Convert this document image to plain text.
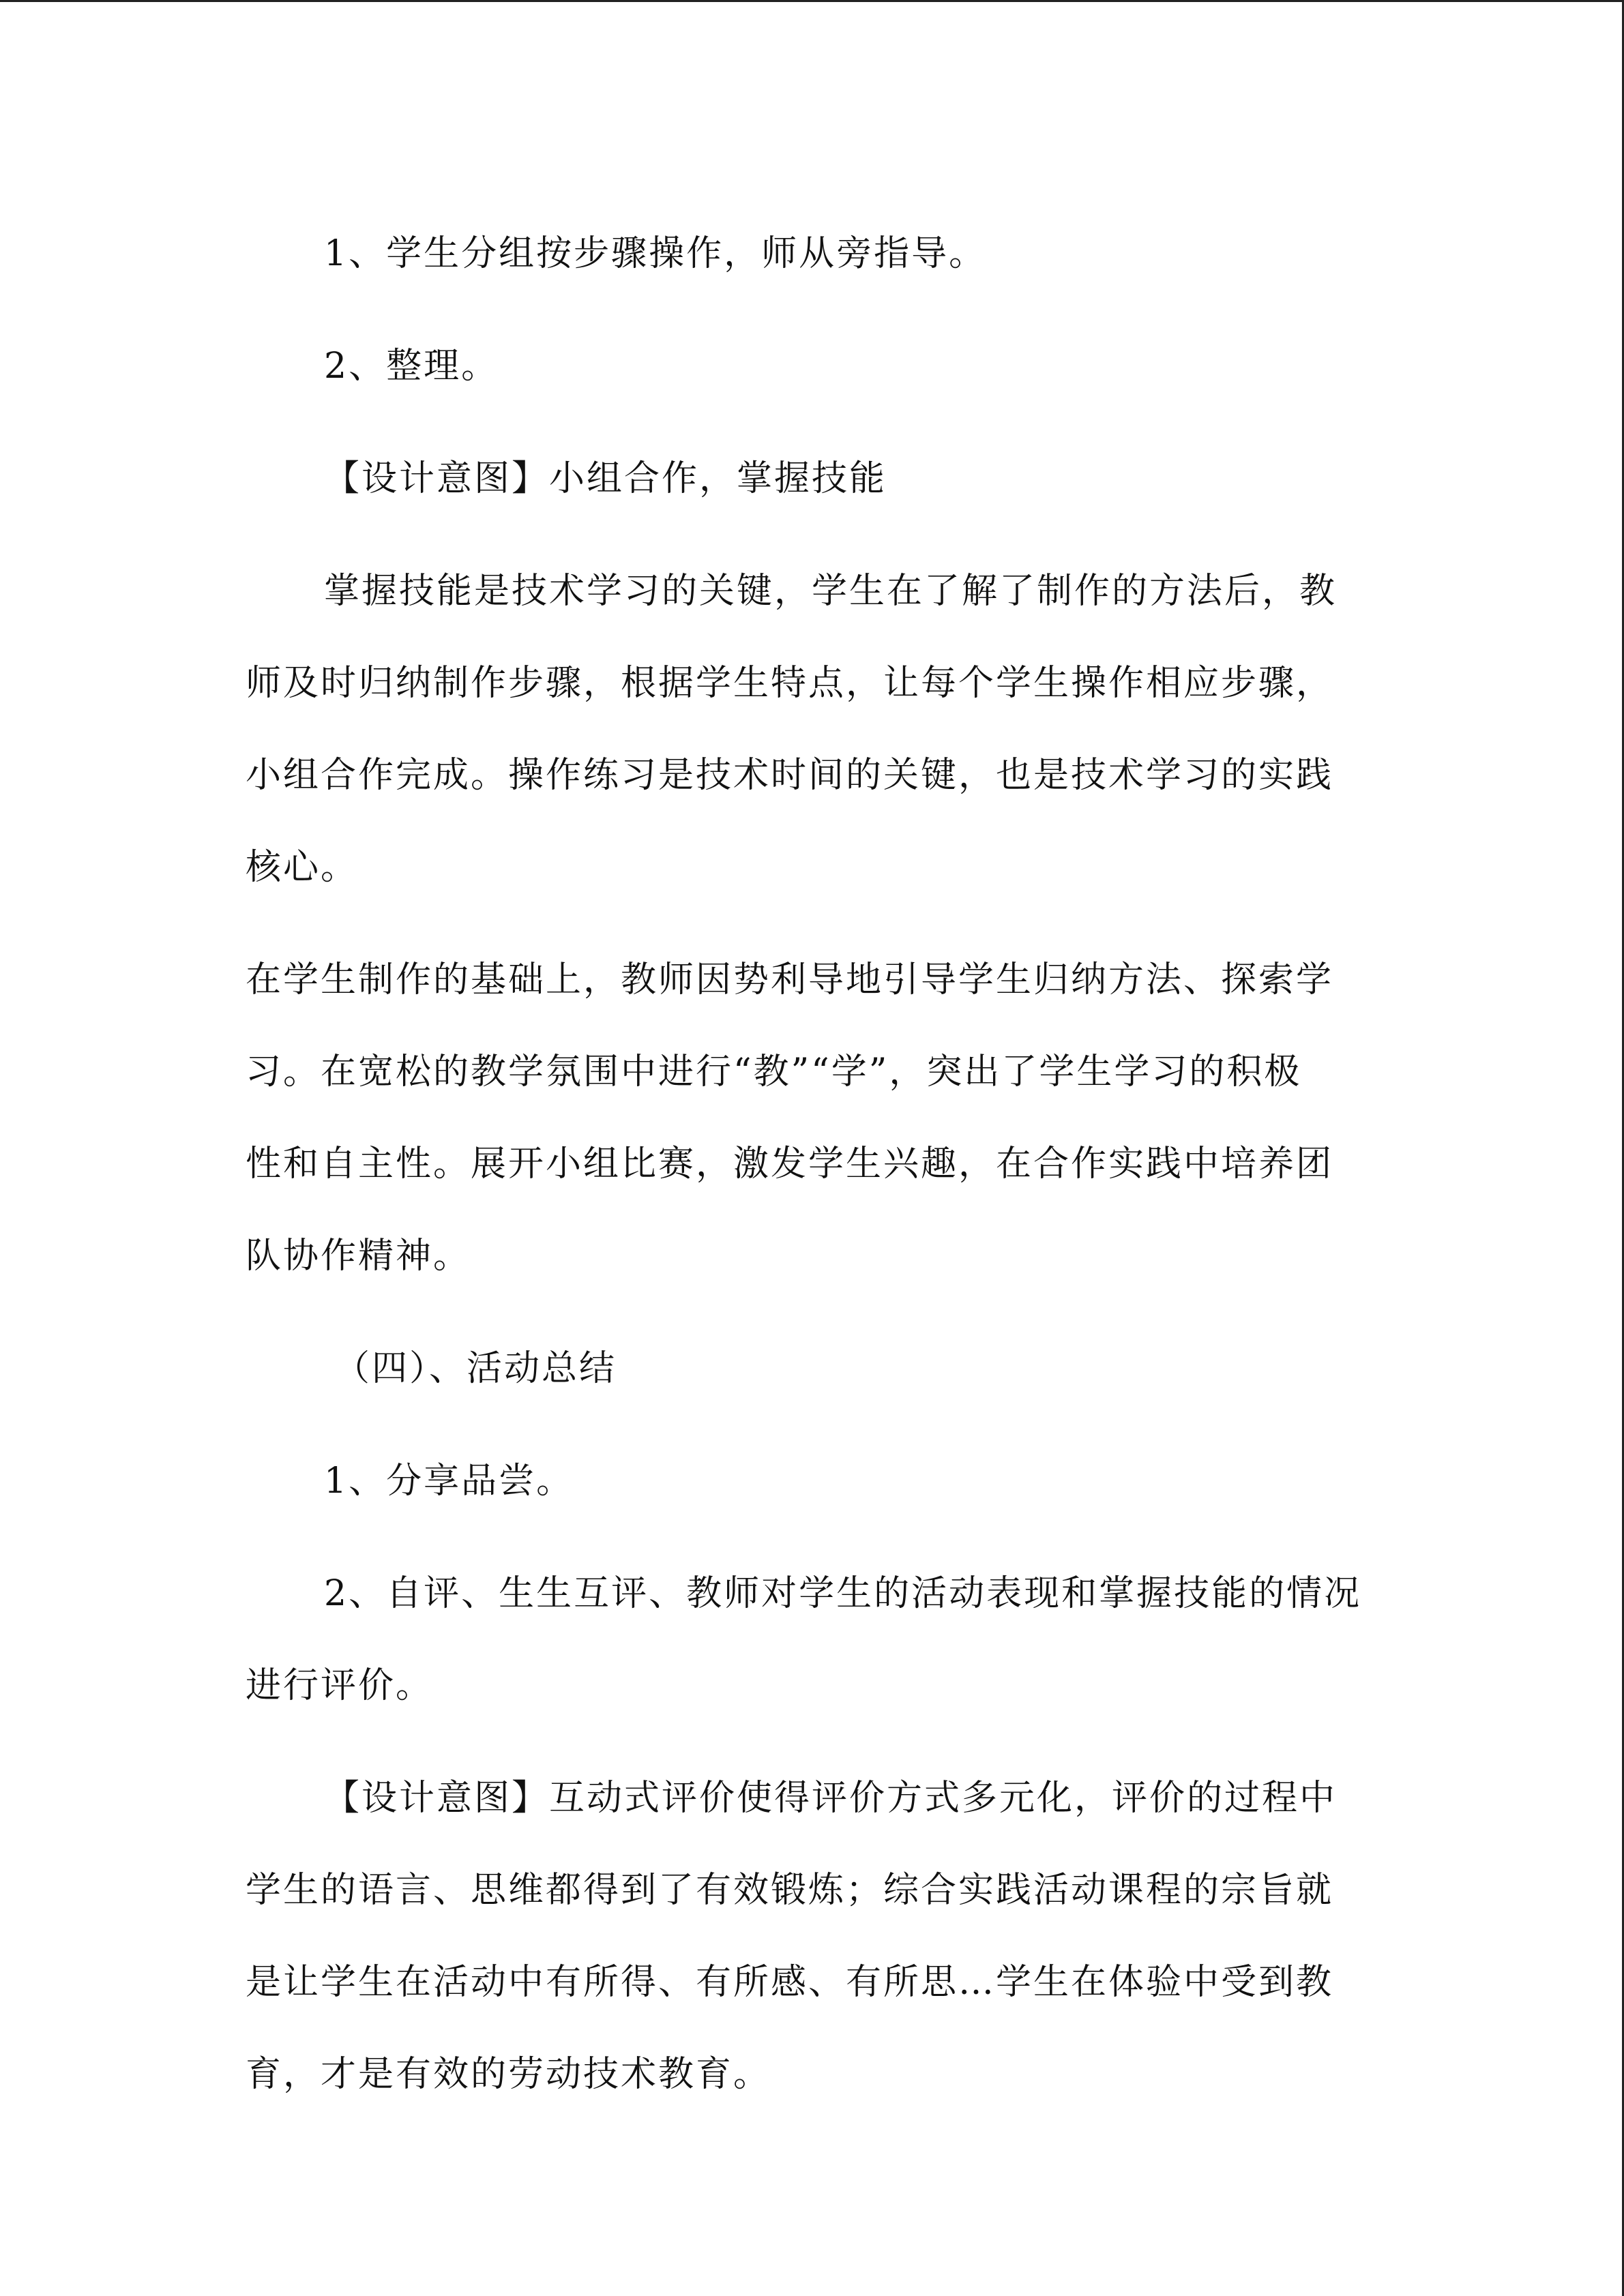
1、学生分组按步骤操作，师从旁指导。

2、整理。

【设计意图】小组合作，掌握技能

掌握技能是技术学习的关键，学生在了解了制作的方法后，教

师及时归纳制作步骤，根据学生特点，让每个学生操作相应步骤，

小组合作完成。操作练习是技术时间的关键，也是技术学习的实践

核心。

在学生制作的基础上，教师因势利导地引导学生归纳方法、探索学

习。在宽松的教学氛围中进行“教”“学”，突出了学生学习的积极

性和自主性。展开小组比赛，激发学生兴趣，在合作实践中培养团

队协作精神。

（四）、活动总结

1、分享品尝。

2、自评、生生互评、教师对学生的活动表现和掌握技能的情况

进行评价。

【设计意图】互动式评价使得评价方式多元化，评价的过程中

学生的语言、思维都得到了有效锻炼；综合实践活动课程的宗旨就

是让学生在活动中有所得、有所感、有所思…学生在体验中受到教

育，才是有效的劳动技术教育。
